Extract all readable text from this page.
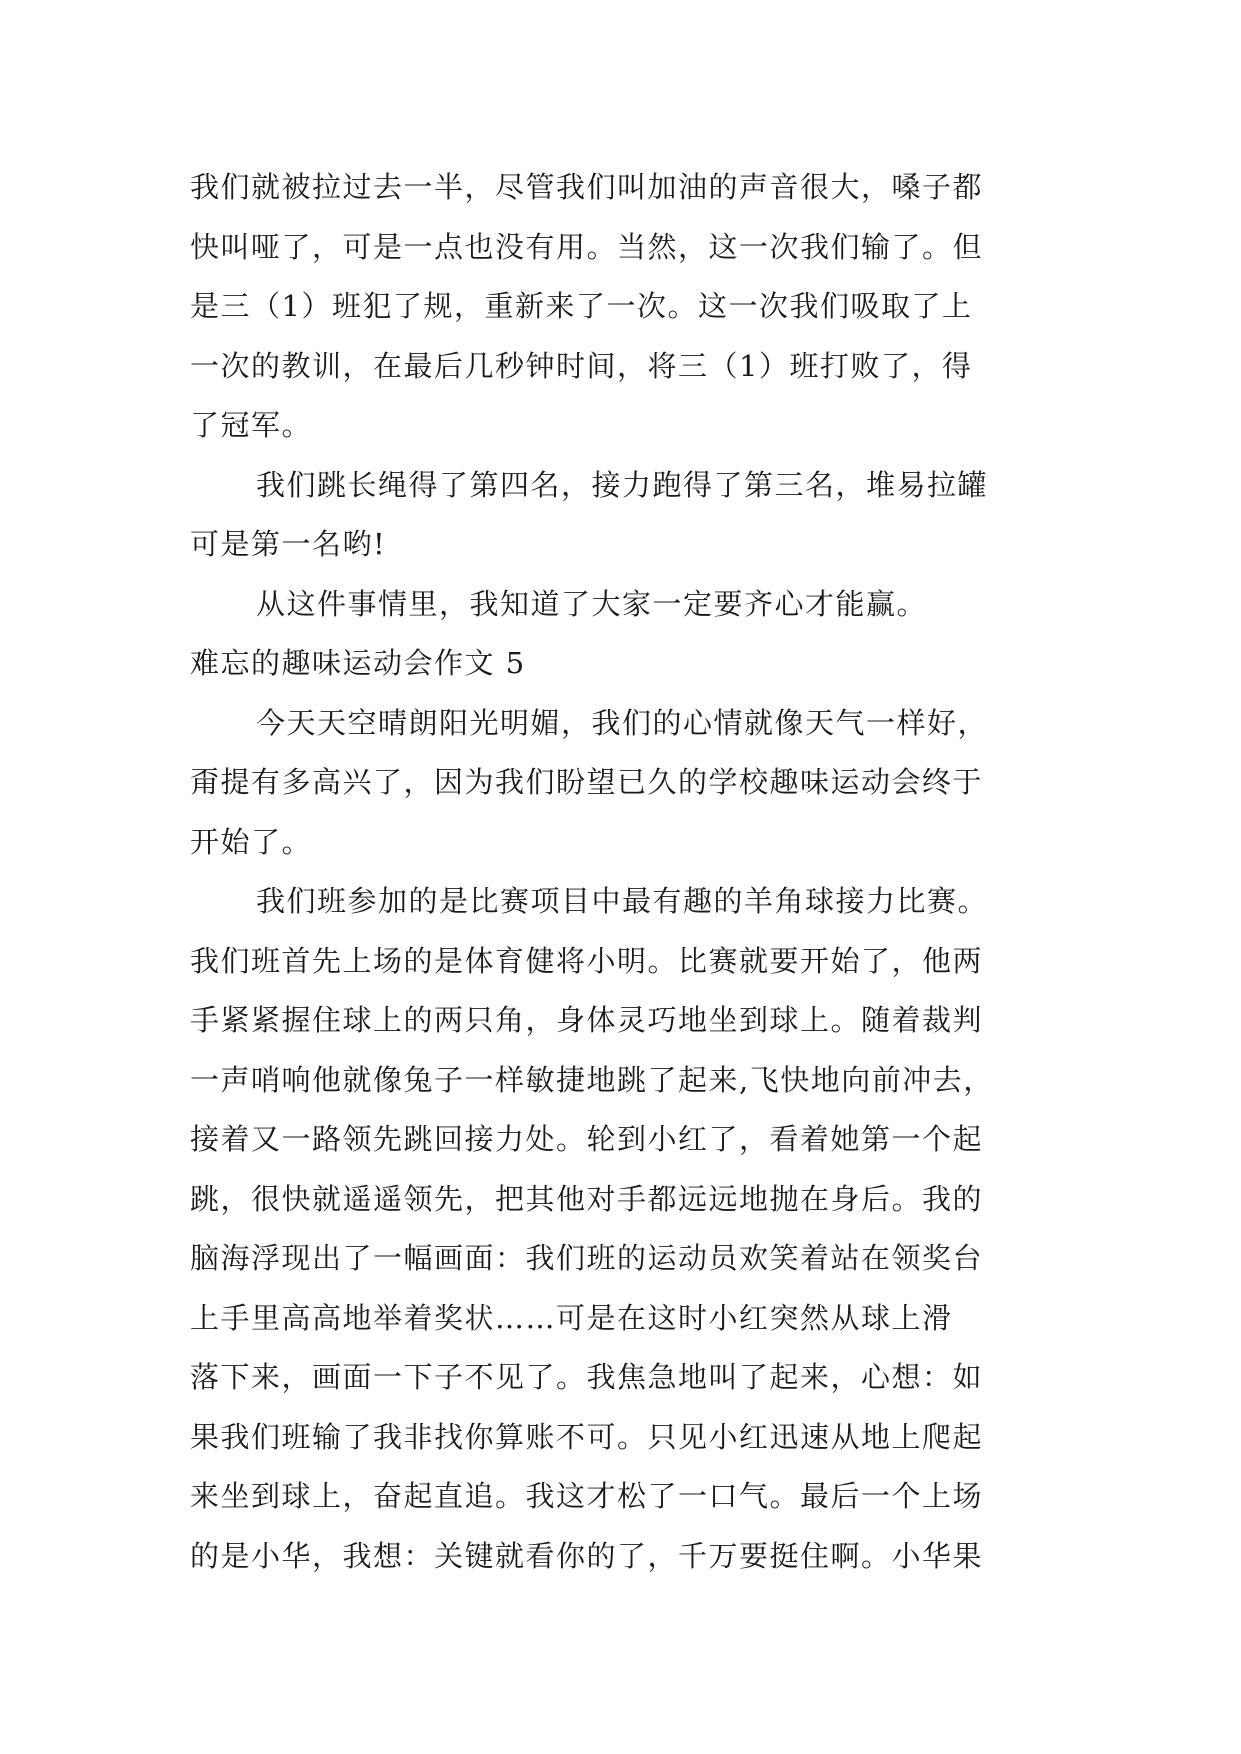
我们就被拉过去一半，尽管我们叫加油的声音很大，嗓子都
快叫哑了，可是一点也没有用。当然，这一次我们输了。但
是三（1）班犯了规，重新来了一次。这一次我们吸取了上
一次的教训，在最后几秒钟时间，将三（1）班打败了，得
了冠军。
我们跳长绳得了第四名，接力跑得了第三名，堆易拉罐
可是第一名哟!
从这件事情里，我知道了大家一定要齐心才能赢。
难忘的趣味运动会作文 5
今天天空晴朗阳光明媚，我们的心情就像天气一样好，
甭提有多高兴了，因为我们盼望已久的学校趣味运动会终于
开始了。
我们班参加的是比赛项目中最有趣的羊角球接力比赛。
我们班首先上场的是体育健将小明。比赛就要开始了，他两
手紧紧握住球上的两只角，身体灵巧地坐到球上。随着裁判
一声哨响他就像兔子一样敏捷地跳了起来,飞快地向前冲去，
接着又一路领先跳回接力处。轮到小红了，看着她第一个起
跳，很快就遥遥领先，把其他对手都远远地抛在身后。我的
脑海浮现出了一幅画面：我们班的运动员欢笑着站在领奖台
上手里高高地举着奖状……可是在这时小红突然从球上滑
落下来，画面一下子不见了。我焦急地叫了起来，心想：如
果我们班输了我非找你算账不可。只见小红迅速从地上爬起
来坐到球上，奋起直追。我这才松了一口气。最后一个上场
的是小华，我想：关键就看你的了，千万要挺住啊。小华果
